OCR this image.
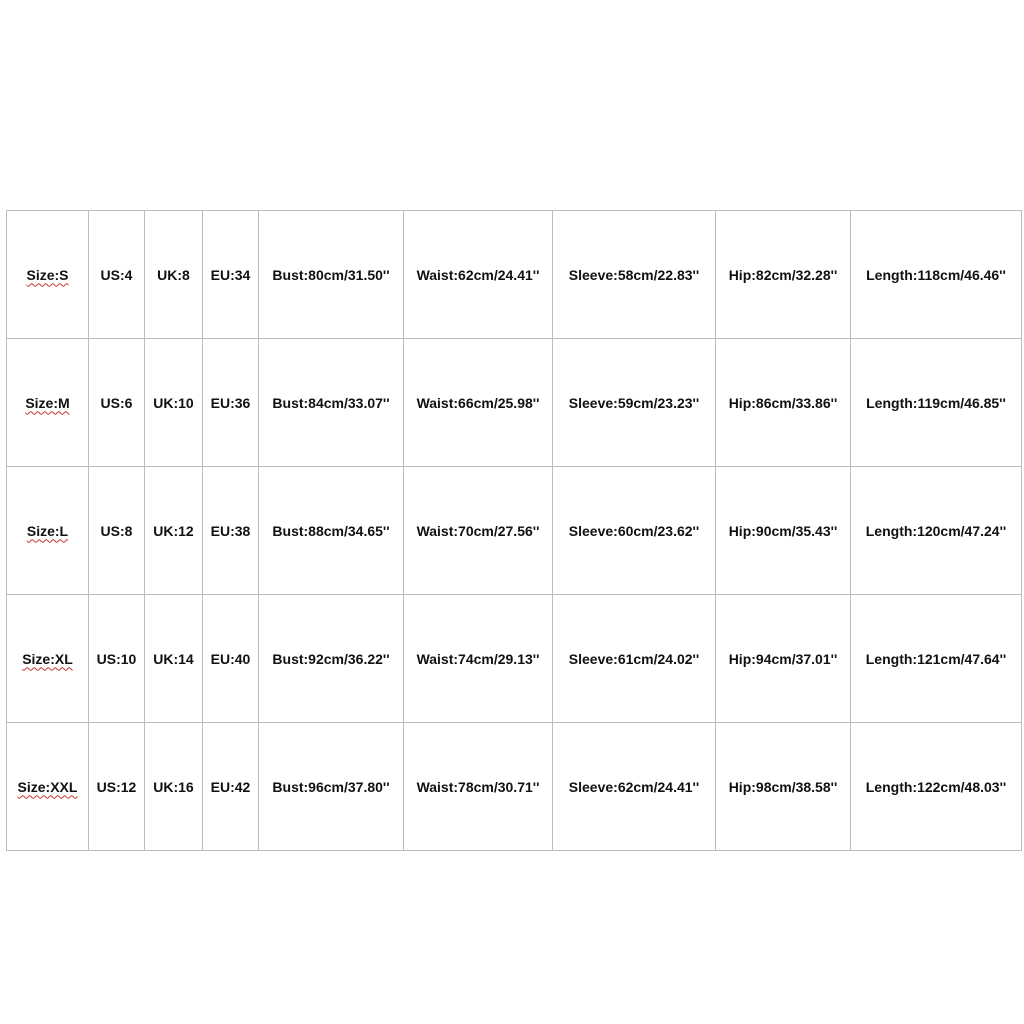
Size:S	US:4	UK:8	EU:34	Bust:80cm/31.50''	Waist:62cm/24.41''	Sleeve:58cm/22.83''	Hip:82cm/32.28''	Length:118cm/46.46''
Size:M	US:6	UK:10	EU:36	Bust:84cm/33.07''	Waist:66cm/25.98''	Sleeve:59cm/23.23''	Hip:86cm/33.86''	Length:119cm/46.85''
Size:L	US:8	UK:12	EU:38	Bust:88cm/34.65''	Waist:70cm/27.56''	Sleeve:60cm/23.62''	Hip:90cm/35.43''	Length:120cm/47.24''
Size:XL	US:10	UK:14	EU:40	Bust:92cm/36.22''	Waist:74cm/29.13''	Sleeve:61cm/24.02''	Hip:94cm/37.01''	Length:121cm/47.64''
Size:XXL	US:12	UK:16	EU:42	Bust:96cm/37.80''	Waist:78cm/30.71''	Sleeve:62cm/24.41''	Hip:98cm/38.58''	Length:122cm/48.03''
